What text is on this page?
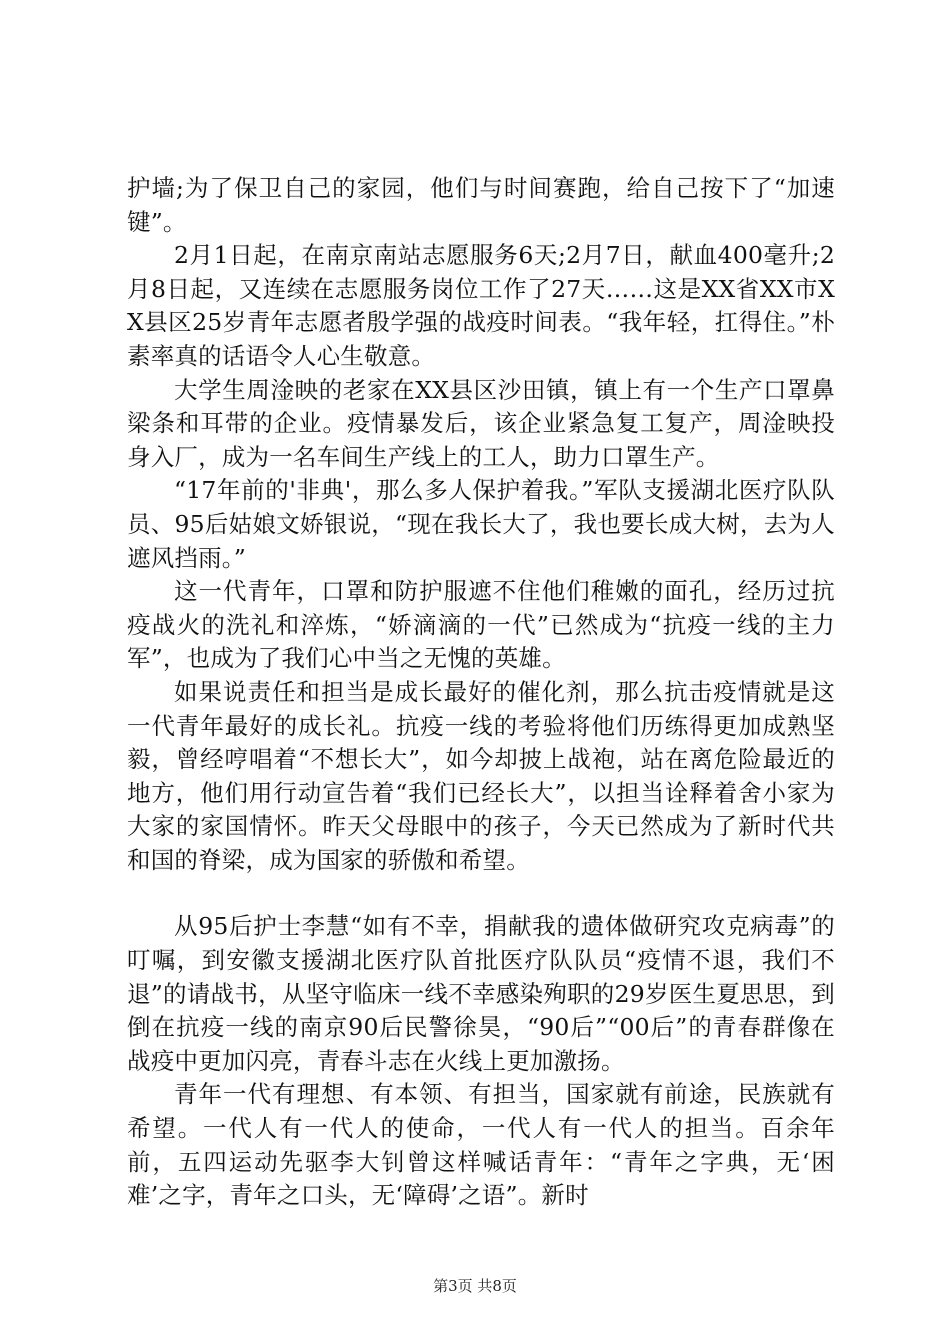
护墙;为了保卫自己的家园，他们与时间赛跑，给自己按下了“加速键”。

2月1日起，在南京南站志愿服务6天;2月7日，献血400毫升;2月8日起，又连续在志愿服务岗位工作了27天……这是XX省XX市XX县区25岁青年志愿者殷学强的战疫时间表。“我年轻，扛得住。”朴素率真的话语令人心生敬意。

大学生周淦映的老家在XX县区沙田镇，镇上有一个生产口罩鼻梁条和耳带的企业。疫情暴发后，该企业紧急复工复产，周淦映投身入厂，成为一名车间生产线上的工人，助力口罩生产。

“17年前的'非典'，那么多人保护着我。”军队支援湖北医疗队队员、95后姑娘文娇银说，“现在我长大了，我也要长成大树，去为人遮风挡雨。”

这一代青年，口罩和防护服遮不住他们稚嫩的面孔，经历过抗疫战火的洗礼和淬炼，“娇滴滴的一代”已然成为“抗疫一线的主力军”，也成为了我们心中当之无愧的英雄。

如果说责任和担当是成长最好的催化剂，那么抗击疫情就是这一代青年最好的成长礼。抗疫一线的考验将他们历练得更加成熟坚毅，曾经哼唱着“不想长大”，如今却披上战袍，站在离危险最近的地方，他们用行动宣告着“我们已经长大”，以担当诠释着舍小家为大家的家国情怀。昨天父母眼中的孩子，今天已然成为了新时代共和国的脊梁，成为国家的骄傲和希望。

从95后护士李慧“如有不幸，捐献我的遗体做研究攻克病毒”的叮嘱，到安徽支援湖北医疗队首批医疗队队员“疫情不退，我们不退”的请战书，从坚守临床一线不幸感染殉职的29岁医生夏思思，到倒在抗疫一线的南京90后民警徐昊，“90后”“00后”的青春群像在战疫中更加闪亮，青春斗志在火线上更加激扬。

青年一代有理想、有本领、有担当，国家就有前途，民族就有希望。一代人有一代人的使命，一代人有一代人的担当。百余年前，五四运动先驱李大钊曾这样喊话青年：“青年之字典，无‘困难’之字，青年之口头，无‘障碍’之语”。新时

第3页 共8页
